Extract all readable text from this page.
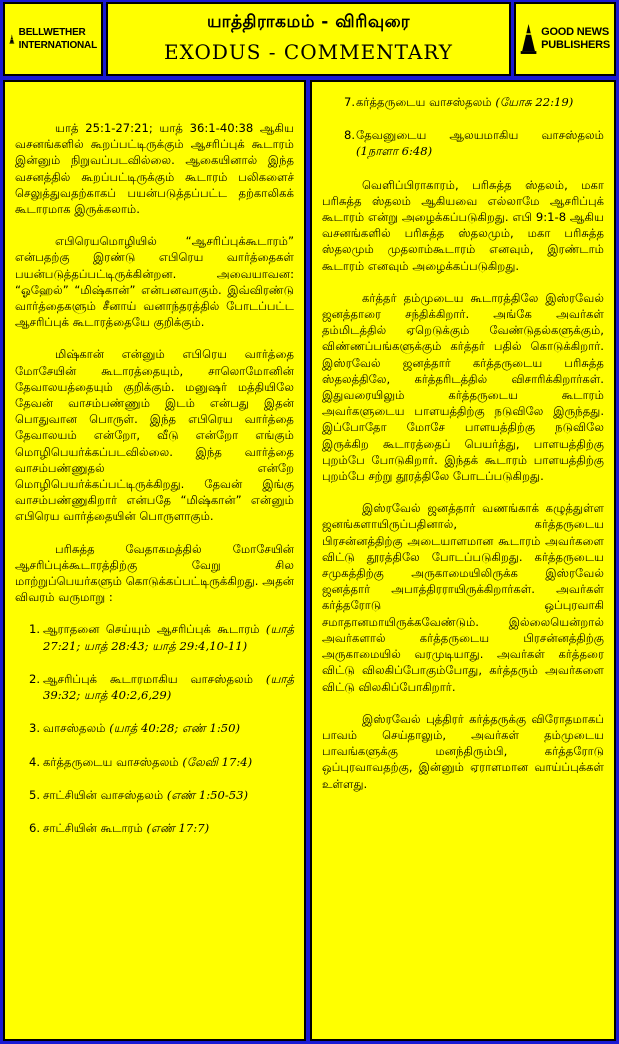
BELLWETHER
INTERNATIONAL
யாத்திராகமம் - விரிவுரை
EXODUS - COMMENTARY
GOOD NEWS
PUBLISHERS
யாத் 25:1-27:21; யாத் 36:1-40:38 ஆகிய வசனங்களில் கூறப்பட்டிருக்கும் ஆசரிப்புக் கூடாரம் இன்னும் நிறுவப்படவில்லை. ஆகையினால் இந்த வசனத்தில் கூறப்பட்டிருக்கும் கூடாரம் பலிகளைச் செலுத்துவதற்காகப் பயன்படுத்தப்பட்ட தற்காலிகக் கூடாரமாக இருக்கலாம்.
எபிரெயமொழியில் “ஆசரிப்புக்கூடாரம்” என்பதற்கு இரண்டு எபிரெய வார்த்தைகள் பயன்படுத்தப்பட்டிருக்கின்றன. அவையாவன: “ஓஹேல்” “மிஷ்கான்” என்பனவாகும். இவ்விரண்டு வார்த்தைகளும் சீனாய் வனாந்தரத்தில் போடப்பட்ட ஆசரிப்புக் கூடாரத்தையே குறிக்கும்.
மிஷ்கான் என்னும் எபிரெய வார்த்தை மோசேயின் கூடாரத்தையும், சாலொமோனின் தேவாலயத்தையும் குறிக்கும். மனுஷர் மத்தியிலே தேவன் வாசம்பண்ணும் இடம் என்பது இதன் பொதுவான பொருள். இந்த எபிரெய வார்த்தை தேவாலயம் என்றோ, வீடு என்றோ எங்கும் மொழிபெயர்க்கப்படவில்லை. இந்த வார்த்தை வாசம்பண்ணுதல் என்றே மொழிபெயர்க்கப்பட்டிருக்கிறது. தேவன் இங்கு வாசம்பண்ணுகிறார் என்பதே “மிஷ்கான்” என்னும் எபிரெய வார்த்தையின் பொருளாகும்.
பரிசுத்த வேதாகமத்தில் மோசேயின் ஆசரிப்புக்கூடாரத்திற்கு வேறு சில மாற்றுப்பெயர்களும் கொடுக்கப்பட்டிருக்கிறது. அதன் விவரம் வருமாறு :
1. ஆராதனை செய்யும் ஆசரிப்புக் கூடாரம் (யாத் 27:21; யாத் 28:43; யாத் 29:4,10-11)
2. ஆசரிப்புக் கூடாரமாகிய வாசஸ்தலம் (யாத் 39:32; யாத் 40:2,6,29)
3. வாசஸ்தலம் (யாத் 40:28; எண் 1:50)
4. கர்த்தருடைய வாசஸ்தலம் (லேவி 17:4)
5. சாட்சியின் வாசஸ்தலம் (எண் 1:50-53)
6. சாட்சியின் கூடாரம் (எண் 17:7)
7. கர்த்தருடைய வாசஸ்தலம் (யோசு 22:19)
8. தேவனுடைய ஆலயமாகிய வாசஸ்தலம் (1நாளா 6:48)
வெளிப்பிராகாரம், பரிசுத்த ஸ்தலம், மகா பரிசுத்த ஸ்தலம் ஆகியவை எல்லாமே ஆசரிப்புக் கூடாரம் என்று அழைக்கப்படுகிறது. எபி 9:1-8 ஆகிய வசனங்களில் பரிசுத்த ஸ்தலமும், மகா பரிசுத்த ஸ்தலமும் முதலாம்கூடாரம் எனவும், இரண்டாம் கூடாரம் எனவும் அழைக்கப்படுகிறது.
கர்த்தர் தம்முடைய கூடாரத்திலே இஸ்ரவேல் ஜனத்தாரை சந்திக்கிறார். அங்கே அவர்கள் தம்மிடத்தில் ஏறெடுக்கும் வேண்டுதல்களுக்கும், விண்ணப்பங்களுக்கும் கர்த்தர் பதில் கொடுக்கிறார். இஸ்ரவேல் ஜனத்தார் கர்த்தருடைய பரிசுத்த ஸ்தலத்திலே, கர்த்தரிடத்தில் விசாரிக்கிறார்கள். இதுவரையிலும் கர்த்தருடைய கூடாரம் அவர்களுடைய பாளயத்திற்கு நடுவிலே இருந்தது. இப்போதோ மோசே பாளயத்திற்கு நடுவிலே இருக்கிற கூடாரத்தைப் பெயர்த்து, பாளயத்திற்கு புறம்பே போடுகிறார். இந்தக் கூடாரம் பாளயத்திற்கு புறம்பே சற்று தூரத்திலே போடப்படுகிறது.
இஸ்ரவேல் ஜனத்தார் வணங்காக் கழுத்துள்ள ஜனங்களாயிருப்பதினால், கர்த்தருடைய பிரசன்னத்திற்கு அடையாளமான கூடாரம் அவர்களை விட்டு தூரத்திலே போடப்படுகிறது. கர்த்தருடைய சமுகத்திற்கு அருகாமையிலிருக்க இஸ்ரவேல் ஜனத்தார் அபாத்திரராயிருக்கிறார்கள். அவர்கள் கர்த்தரோடு ஒப்புரவாகி சமாதானமாயிருக்கவேண்டும். இல்லையென்றால் அவர்களால் கர்த்தருடைய பிரசன்னத்திற்கு அருகாமையில் வரமுடியாது. அவர்கள் கர்த்தரை விட்டு விலகிப்போகும்போது, கர்த்தரும் அவர்களை விட்டு விலகிப்போகிறார்.
இஸ்ரவேல் புத்திரர் கர்த்தருக்கு விரோதமாகப் பாவம் செய்தாலும், அவர்கள் தம்முடைய பாவங்களுக்கு மனந்திரும்பி, கர்த்தரோடு ஒப்புரவாவதற்கு, இன்னும் ஏராளமான வாய்ப்புக்கள் உள்ளது.
